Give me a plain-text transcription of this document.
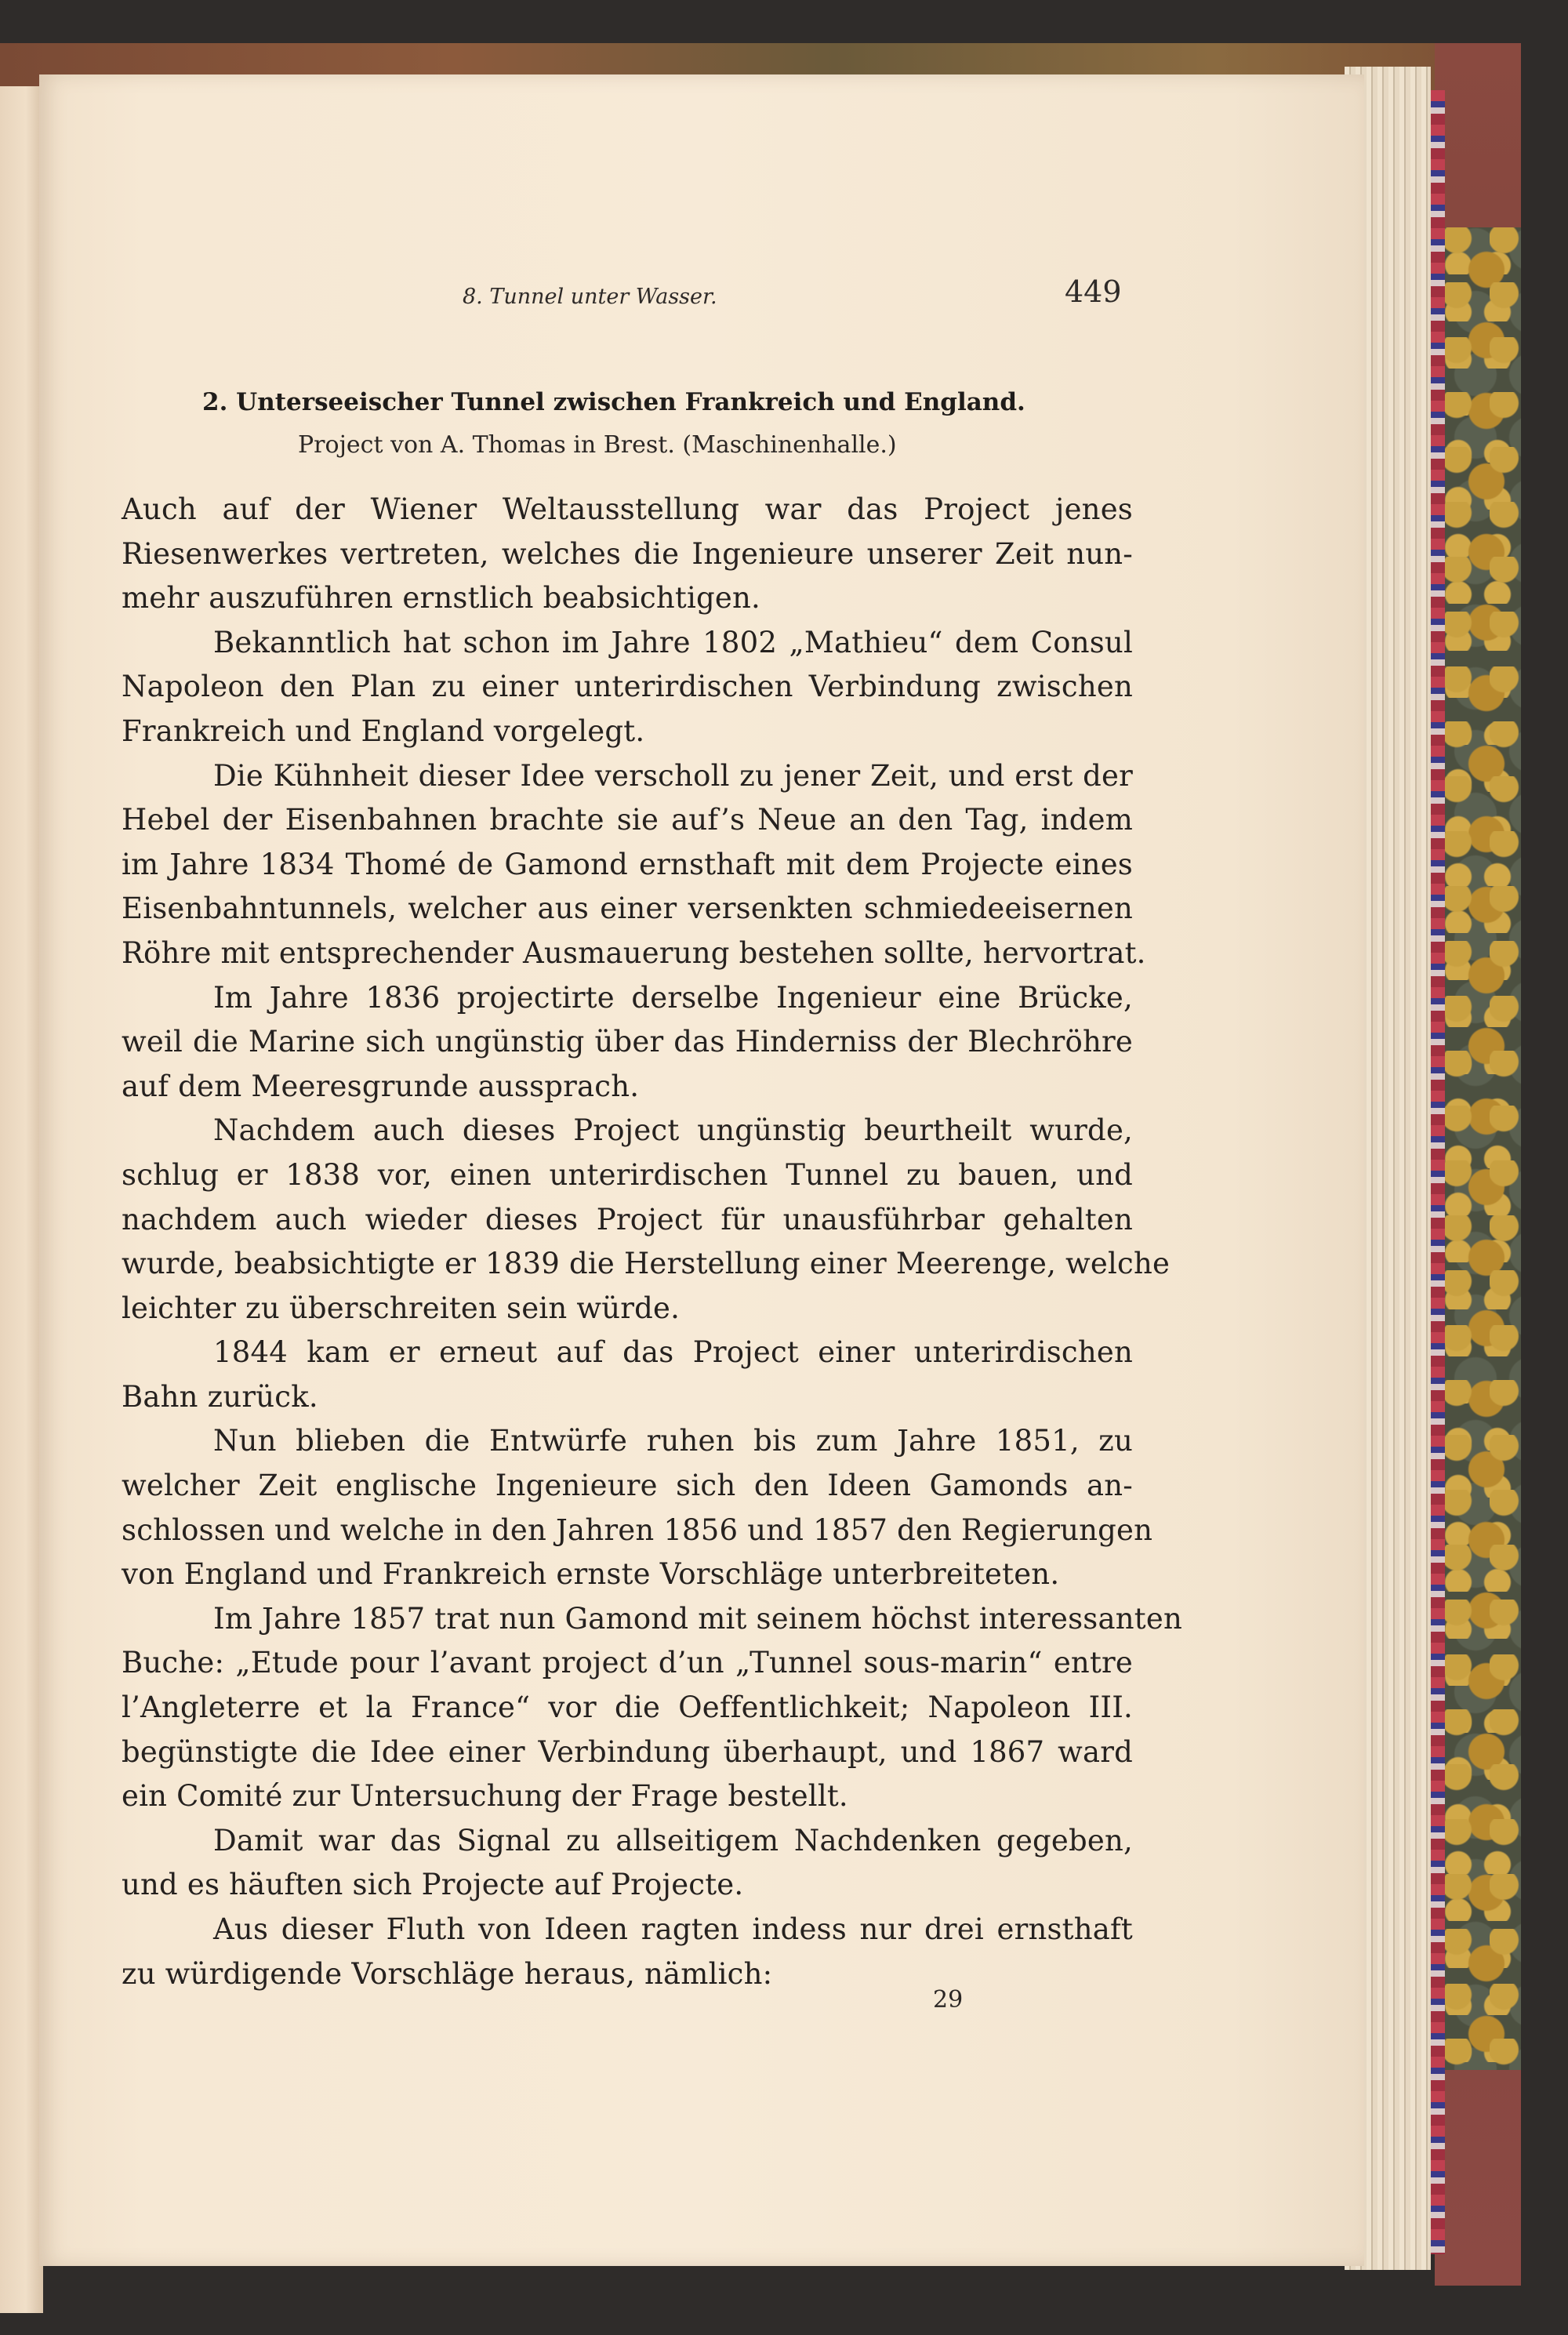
8. Tunnel unter Wasser.	449
2. Unterseeischer Tunnel zwischen Frankreich und England.
Project von A. Thomas in Brest. (Maschinenhalle.)
Auch auf der Wiener Weltausstellung war das Project jenes
Riesenwerkes vertreten, welches die Ingenieure unserer Zeit nun-
mehr auszuführen ernstlich beabsichtigen.
Bekanntlich hat schon im Jahre 1802 „Mathieu“ dem Consul
Napoleon den Plan zu einer unterirdischen Verbindung zwischen
Frankreich und England vorgelegt.
Die Kühnheit dieser Idee verscholl zu jener Zeit, und erst der
Hebel der Eisenbahnen brachte sie auf’s Neue an den Tag, indem
im Jahre 1834 Thomé de Gamond ernsthaft mit dem Projecte eines
Eisenbahntunnels, welcher aus einer versenkten schmiedeeisernen
Röhre mit entsprechender Ausmauerung bestehen sollte, hervortrat.
Im Jahre 1836 projectirte derselbe Ingenieur eine Brücke,
weil die Marine sich ungünstig über das Hinderniss der Blechröhre
auf dem Meeresgrunde aussprach.
Nachdem auch dieses Project ungünstig beurtheilt wurde,
schlug er 1838 vor, einen unterirdischen Tunnel zu bauen, und
nachdem auch wieder dieses Project für unausführbar gehalten
wurde, beabsichtigte er 1839 die Herstellung einer Meerenge, welche
leichter zu überschreiten sein würde.
1844 kam er erneut auf das Project einer unterirdischen
Bahn zurück.
Nun blieben die Entwürfe ruhen bis zum Jahre 1851, zu
welcher Zeit englische Ingenieure sich den Ideen Gamonds an-
schlossen und welche in den Jahren 1856 und 1857 den Regierungen
von England und Frankreich ernste Vorschläge unterbreiteten.
Im Jahre 1857 trat nun Gamond mit seinem höchst interessanten
Buche: „Etude pour l’avant project d’un „Tunnel sous-marin“ entre
l’Angleterre et la France“ vor die Oeffentlichkeit; Napoleon III.
begünstigte die Idee einer Verbindung überhaupt, und 1867 ward
ein Comité zur Untersuchung der Frage bestellt.
Damit war das Signal zu allseitigem Nachdenken gegeben,
und es häuften sich Projecte auf Projecte.
Aus dieser Fluth von Ideen ragten indess nur drei ernsthaft
zu würdigende Vorschläge heraus, nämlich:
29
